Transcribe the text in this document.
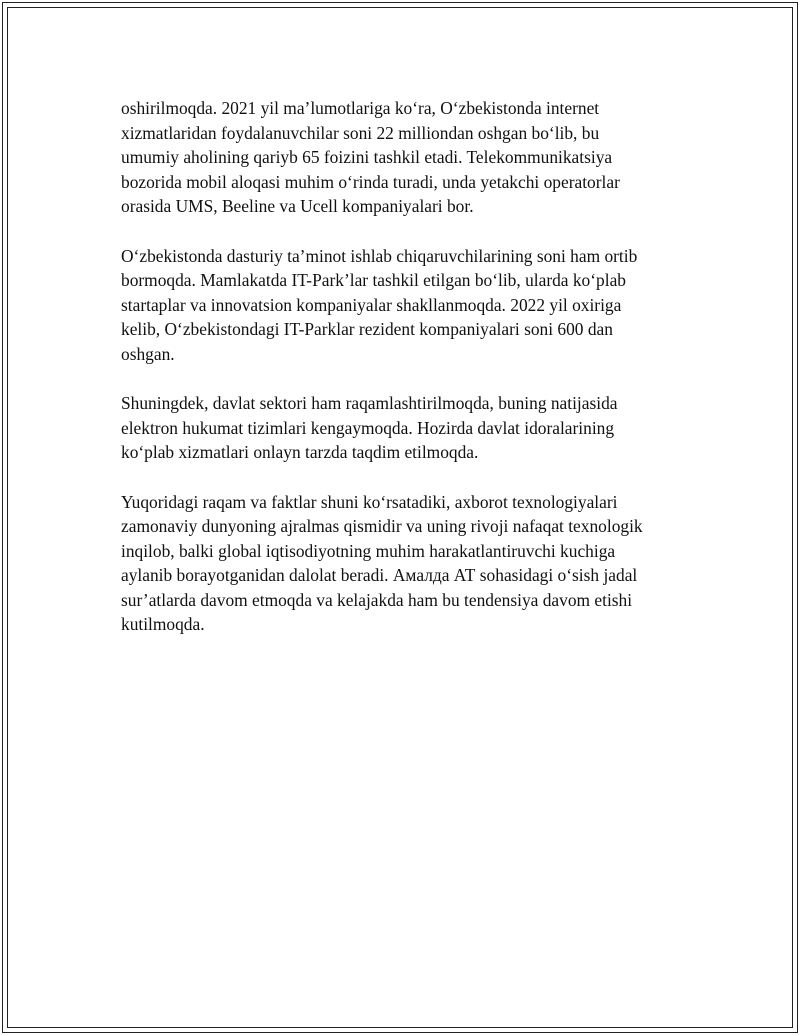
oshirilmoqda. 2021 yil ma’lumotlariga ko‘ra, O‘zbekistonda internet
xizmatlaridan foydalanuvchilar soni 22 milliondan oshgan bo‘lib, bu
umumiy aholining qariyb 65 foizini tashkil etadi. Telekommunikatsiya
bozorida mobil aloqasi muhim o‘rinda turadi, unda yetakchi operatorlar
orasida UMS, Beeline va Ucell kompaniyalari bor.

O‘zbekistonda dasturiy ta’minot ishlab chiqaruvchilarining soni ham ortib
bormoqda. Mamlakatda IT-Park’lar tashkil etilgan bo‘lib, ularda ko‘plab
startaplar va innovatsion kompaniyalar shakllanmoqda. 2022 yil oxiriga
kelib, O‘zbekistondagi IT-Parklar rezident kompaniyalari soni 600 dan
oshgan.

Shuningdek, davlat sektori ham raqamlashtirilmoqda, buning natijasida
elektron hukumat tizimlari kengaymoqda. Hozirda davlat idoralarining
ko‘plab xizmatlari onlayn tarzda taqdim etilmoqda.

Yuqoridagi raqam va faktlar shuni ko‘rsatadiki, axborot texnologiyalari
zamonaviy dunyoning ajralmas qismidir va uning rivoji nafaqat texnologik
inqilob, balki global iqtisodiyotning muhim harakatlantiruvchi kuchiga
aylanib borayotganidan dalolat beradi. Амалда АТ sohasidagi o‘sish jadal
sur’atlarda davom etmoqda va kelajakda ham bu tendensiya davom etishi
kutilmoqda.
